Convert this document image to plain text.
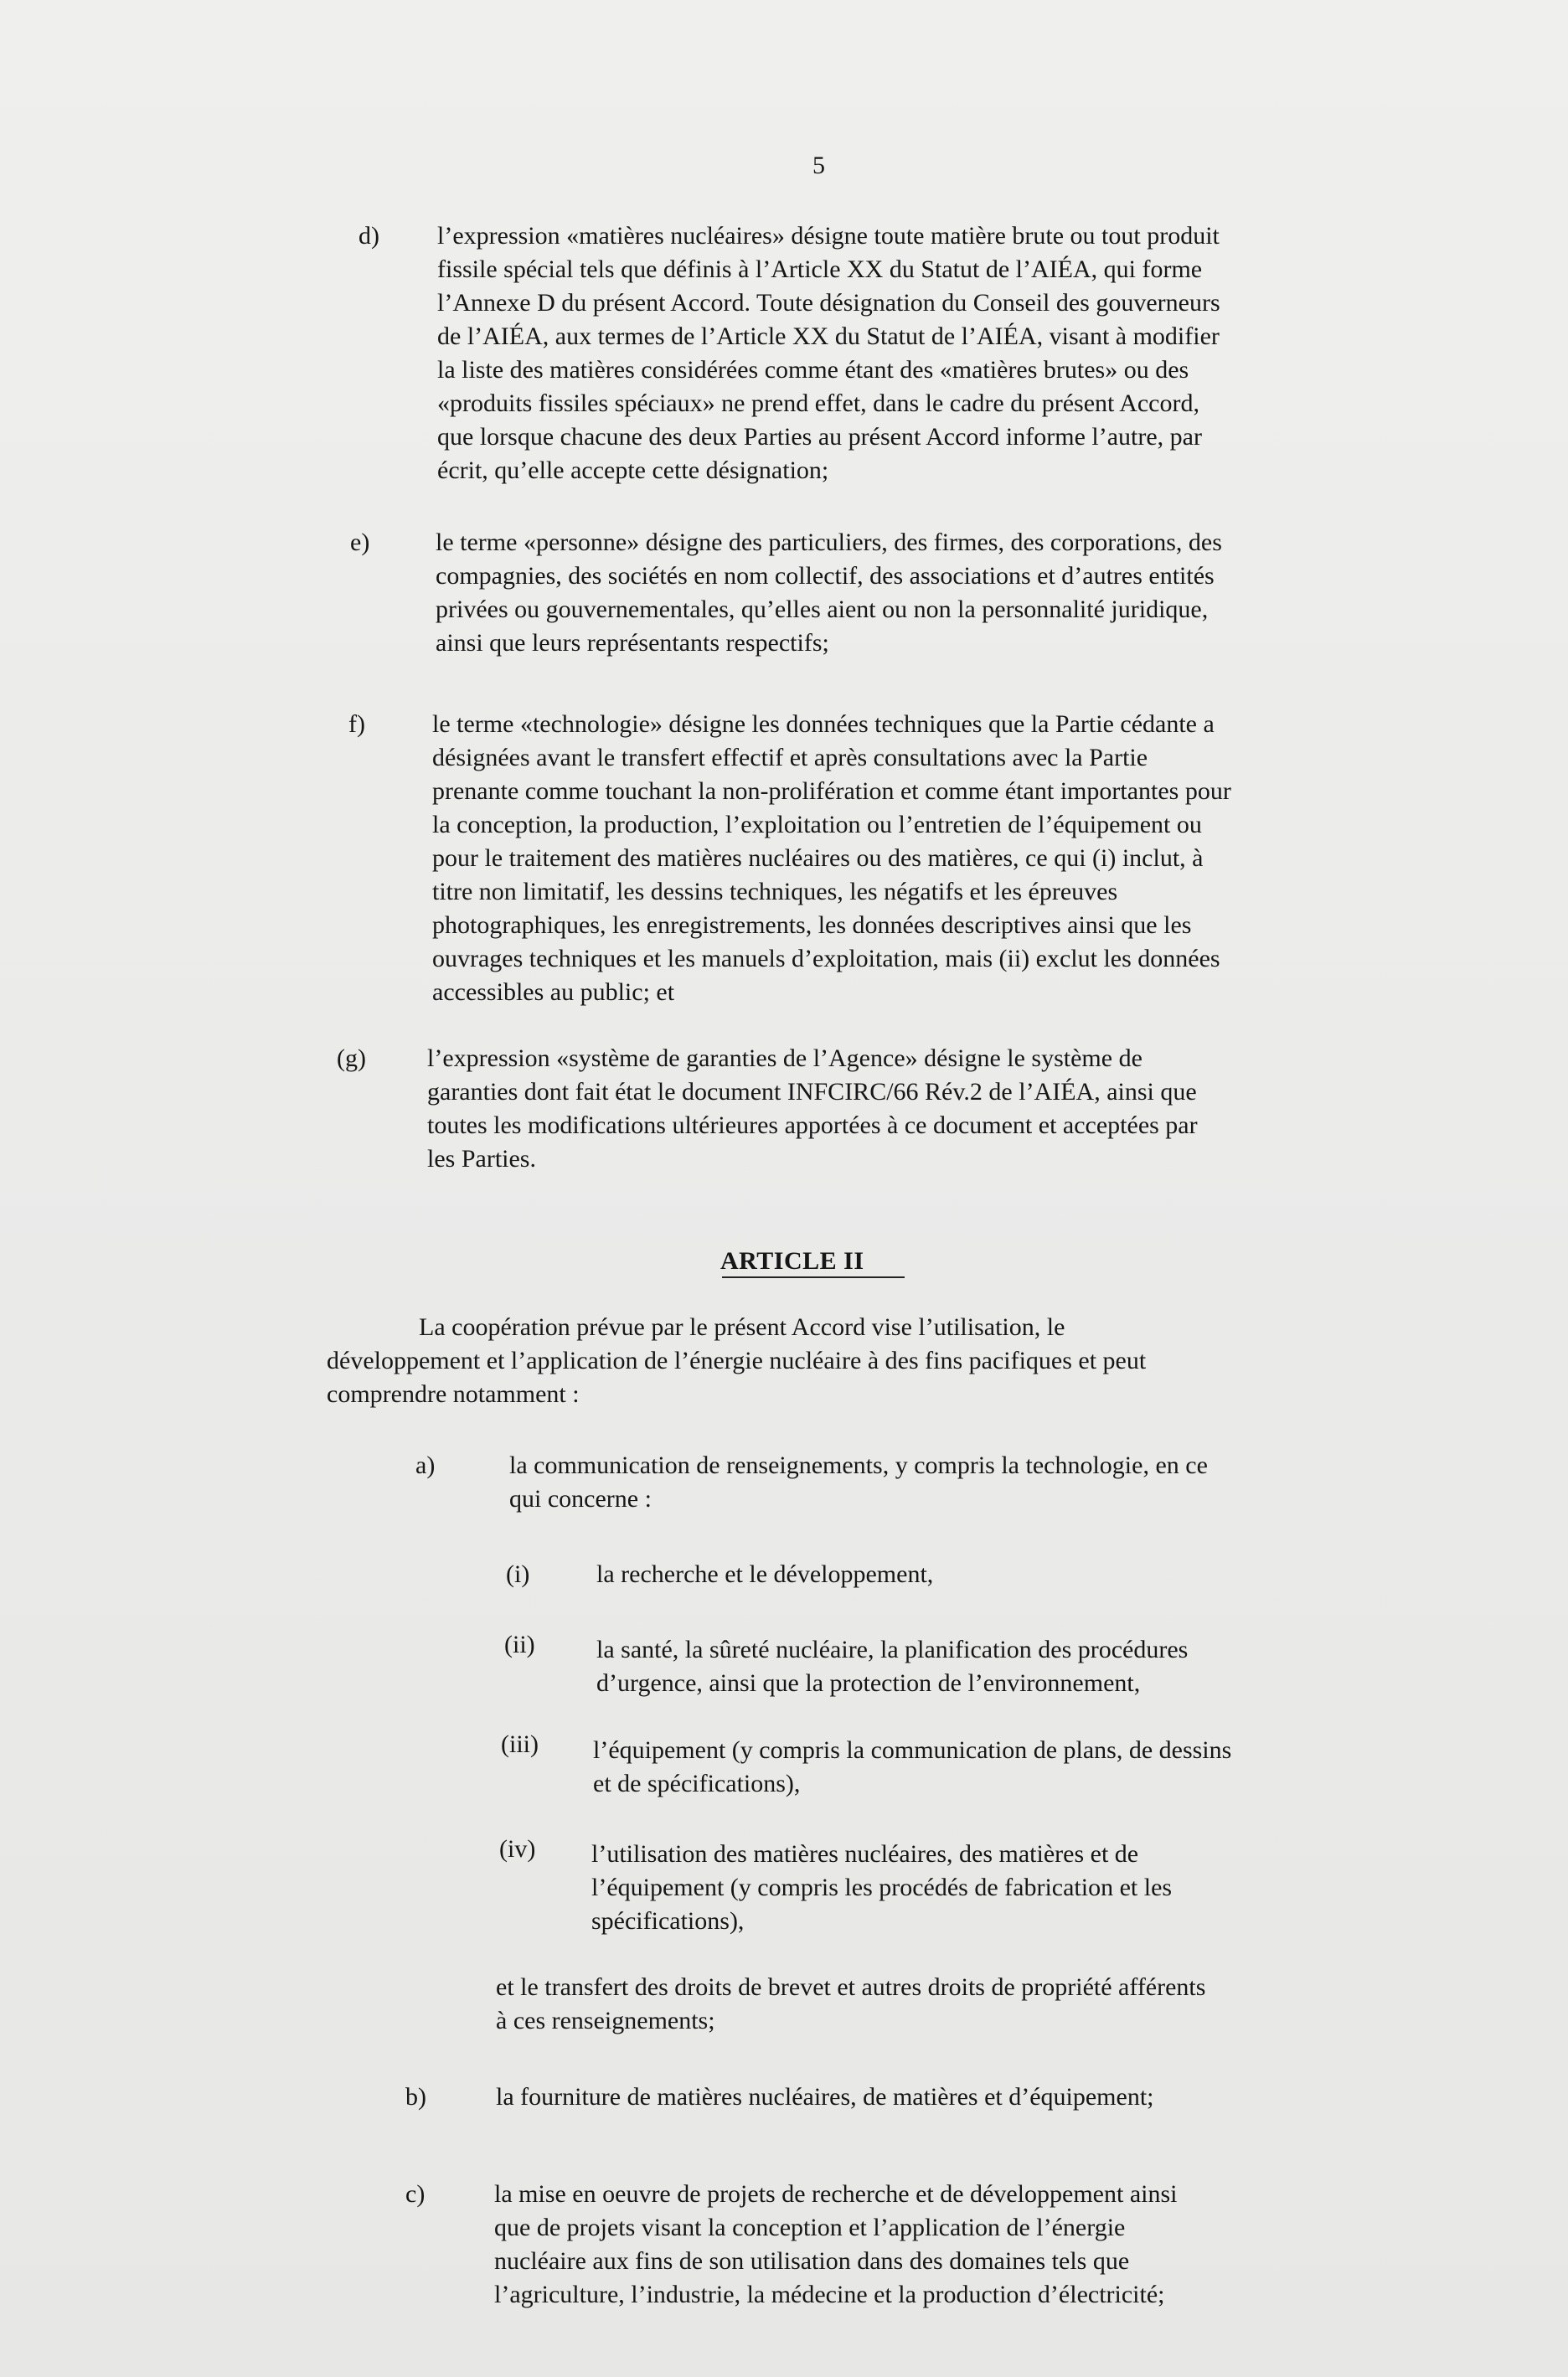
5
d) l’expression «matières nucléaires» désigne toute matière brute ou tout produit
fissile spécial tels que définis à l’Article XX du Statut de l’AIÉA, qui forme
l’Annexe D du présent Accord. Toute désignation du Conseil des gouverneurs
de l’AIÉA, aux termes de l’Article XX du Statut de l’AIÉA, visant à modifier
la liste des matières considérées comme étant des «matières brutes» ou des
«produits fissiles spéciaux» ne prend effet, dans le cadre du présent Accord,
que lorsque chacune des deux Parties au présent Accord informe l’autre, par
écrit, qu’elle accepte cette désignation;
e)	le terme «personne» désigne des particuliers, des firmes, des corporations, des
compagnies, des sociétés en nom collectif, des associations et d’autres entités
privées ou gouvernementales, qu’elles aient ou non la personnalité juridique,
ainsi que leurs représentants respectifs;
f)	le terme «technologie» désigne les données techniques que la Partie cédante a
désignées avant le transfert effectif et après consultations avec la Partie
prenante comme touchant la non-prolifération et comme étant importantes pour
la conception, la production, l’exploitation ou l’entretien de l’équipement ou
pour le traitement des matières nucléaires ou des matières, ce qui (i) inclut, à
titre non limitatif, les dessins techniques, les négatifs et les épreuves
photographiques, les enregistrements, les données descriptives ainsi que les
ouvrages techniques et les manuels d’exploitation, mais (ii) exclut les données
accessibles au public; et
(g) l’expression «système de garanties de l’Agence» désigne le système de
garanties dont fait état le document INFCIRC/66 Rév.2 de l’AIÉA, ainsi que
toutes les modifications ultérieures apportées à ce document et acceptées par
les Parties.
ARTICLE II
La coopération prévue par le présent Accord vise l’utilisation, le
développement et l’application de l’énergie nucléaire à des fins pacifiques et peut
comprendre notamment :
a)	la communication de renseignements, y compris la technologie, en ce
qui concerne :
(i)	la recherche et le développement,
(ii) la santé, la sûreté nucléaire, la planification des procédures
d’urgence, ainsi que la protection de l’environnement,
(iii) l’équipement (y compris la communication de plans, de dessins
et de spécifications),
(iv) l’utilisation des matières nucléaires, des matières et de
l’équipement (y compris les procédés de fabrication et les
spécifications),
et le transfert des droits de brevet et autres droits de propriété afférents
à ces renseignements;
b)	la fourniture de matières nucléaires, de matières et d’équipement;
c)	la mise en oeuvre de projets de recherche et de développement ainsi
que de projets visant la conception et l’application de l’énergie
nucléaire aux fins de son utilisation dans des domaines tels que
l’agriculture, l’industrie, la médecine et la production d’électricité;
